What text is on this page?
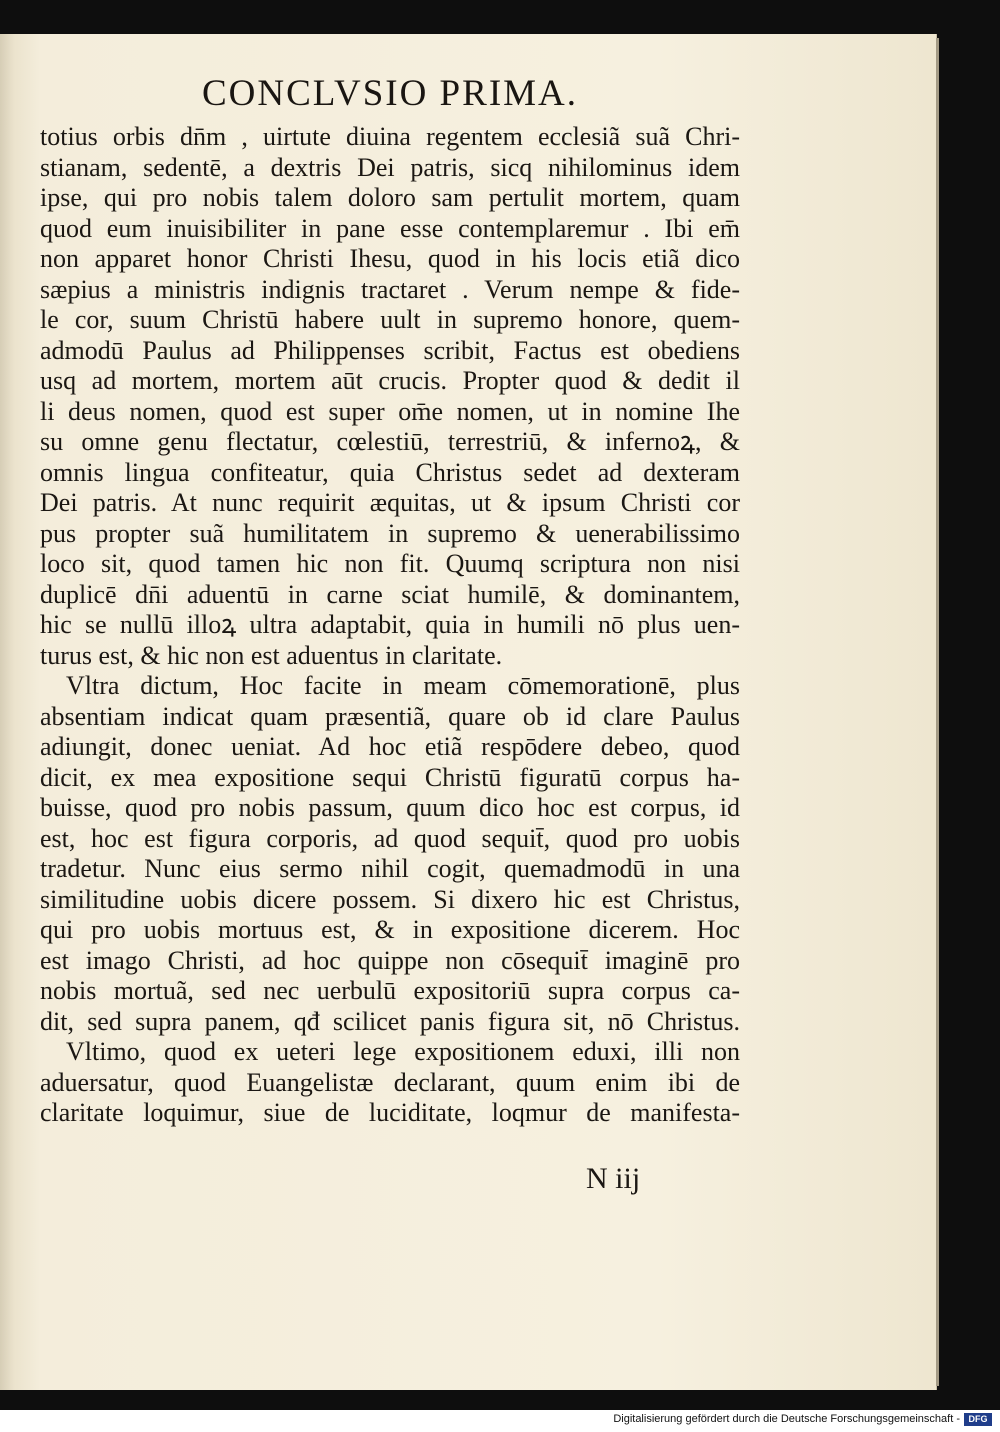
CONCLVSIO PRIMA.
totius orbis dn̄m , uirtute diuina regentem ecclesiã suã Chri-
stianam, sedentē, a dextris Dei patris, sicq nihilominus idem
ipse, qui pro nobis talem doloro sam pertulit mortem, quam
quod eum inuisibiliter in pane esse contemplaremur . Ibi em̄
non apparet honor Christi Ihesu, quod in his locis etiã dico
sæpius a ministris indignis tractaret . Verum nempe & fide-
le cor, suum Christū habere uult in supremo honore, quem-
admodū Paulus ad Philippenses scribit, Factus est obediens
usq ad mortem, mortem aūt crucis. Propter quod & dedit il
li deus nomen, quod est super om̄e nomen, ut in nomine Ihe
su omne genu flectatur, cœlestiū, terrestriū, & infernoꝝ, &
omnis lingua confiteatur, quia Christus sedet ad dexteram
Dei patris. At nunc requirit æquitas, ut & ipsum Christi cor
pus propter suã humilitatem in supremo & uenerabilissimo
loco sit, quod tamen hic non fit. Quumq scriptura non nisi
duplicē dn̄i aduentū in carne sciat humilē, & dominantem,
hic se nullū illoꝝ ultra adaptabit, quia in humili nō plus uen-
turus est, & hic non est aduentus in claritate.
Vltra dictum, Hoc facite in meam cōmemorationē, plus
absentiam indicat quam præsentiã, quare ob id clare Paulus
adiungit, donec ueniat. Ad hoc etiã respōdere debeo, quod
dicit, ex mea expositione sequi Christū figuratū corpus ha-
buisse, quod pro nobis passum, quum dico hoc est corpus, id
est, hoc est figura corporis, ad quod sequit̄, quod pro uobis
tradetur. Nunc eius sermo nihil cogit, quemadmodū in una
similitudine uobis dicere possem. Si dixero hic est Christus,
qui pro uobis mortuus est, & in expositione dicerem. Hoc
est imago Christi, ad hoc quippe non cōsequit̄ imaginē pro
nobis mortuã, sed nec uerbulū expositoriū supra corpus ca-
dit, sed supra panem, qđ scilicet panis figura sit, nō Christus.
Vltimo, quod ex ueteri lege expositionem eduxi, illi non
aduersatur, quod Euangelistæ declarant, quum enim ibi de
claritate loquimur, siue de luciditate, loqmur de manifesta-
N iij
Digitalisierung gefördert durch die Deutsche Forschungsgemeinschaft - DFG
